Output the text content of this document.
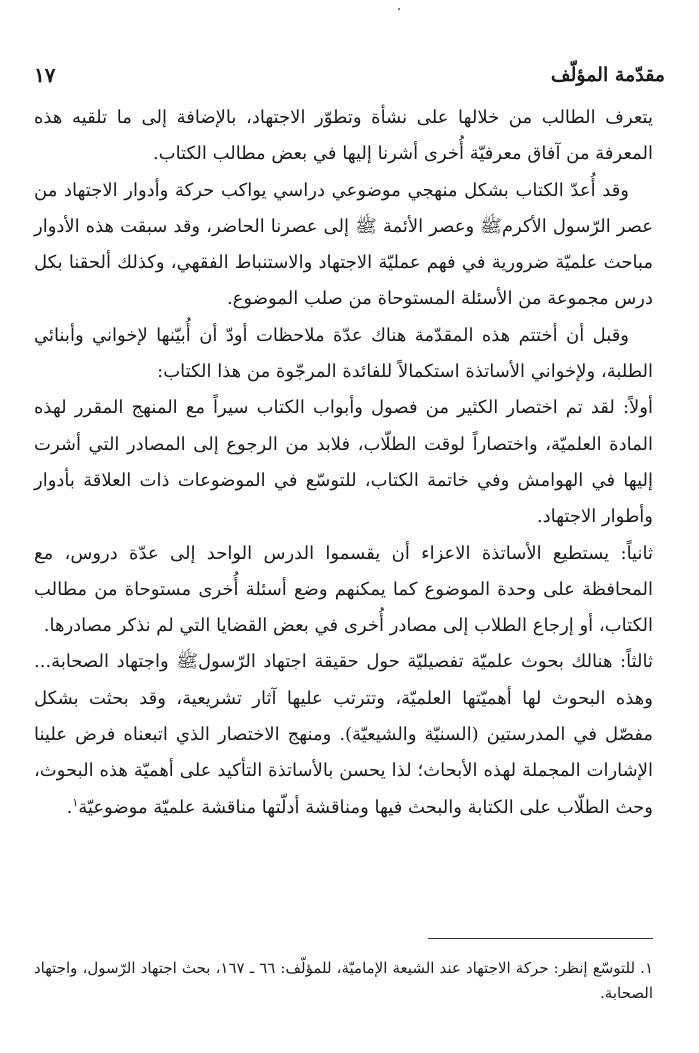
مقدّمة المؤلّف
١٧

يتعرف الطالب من خلالها على نشأة وتطوّر الاجتهاد، بالإضافة إلى ما تلقيه هذه المعرفة من آفاق معرفيّة أُخرى أشرنا إليها في بعض مطالب الكتاب.

وقد أُعدّ الكتاب بشكل منهجي موضوعي دراسي يواكب حركة وأدوار الاجتهاد من عصر الرّسول الأكرمﷺ وعصر الأئمة ﷺ إلى عصرنا الحاضر، وقد سبقت هذه الأدوار مباحث علميّة ضرورية في فهم عمليّة الاجتهاد والاستنباط الفقهي، وكذلك ألحقنا بكل درس مجموعة من الأسئلة المستوحاة من صلب الموضوع.

وقبل أن أختتم هذه المقدّمة هناك عدّة ملاحظات أودّ أن أُبيّنها لإخواني وأبنائي الطلبة، ولإخواني الأساتذة استكمالاً للفائدة المرجّوة من هذا الكتاب:

أولاً: لقد تم اختصار الكثير من فصول وأبواب الكتاب سيراً مع المنهج المقرر لهذه المادة العلميّة، واختصاراً لوقت الطلّاب، فلابد من الرجوع إلى المصادر التي أشرت إليها في الهوامش وفي خاتمة الكتاب، للتوسّع في الموضوعات ذات العلاقة بأدوار وأطوار الاجتهاد.

ثانياً: يستطيع الأساتذة الاعزاء أن يقسموا الدرس الواحد إلى عدّة دروس، مع المحافظة على وحدة الموضوع كما يمكنهم وضع أسئلة أُخرى مستوحاة من مطالب الكتاب، أو إرجاع الطلاب إلى مصادر أُخرى في بعض القضايا التي لم نذكر مصادرها.

ثالثاً: هنالك بحوث علميّة تفصيليّة حول حقيقة اجتهاد الرّسولﷺ واجتهاد الصحابة... وهذه البحوث لها أهميّتها العلميّة، وتترتب عليها آثار تشريعية، وقد بحثت بشكل مفصّل في المدرستين (السنيّة والشيعيّة). ومنهج الاختصار الذي اتبعناه فرض علينا الإشارات المجملة لهذه الأبحاث؛ لذا يحسن بالأساتذة التأكيد على أهميّة هذه البحوث، وحث الطلّاب على الكتابة والبحث فيها ومناقشة أدلّتها مناقشة علميّة موضوعيّة$^١$.

١. للتوسّع إنظر: حركة الاجتهاد عند الشيعة الإماميّة، للمؤلّف: ٦٦ ـ ١٦٧، بحث اجتهاد الرّسول، واجتهاد الصحابة.
